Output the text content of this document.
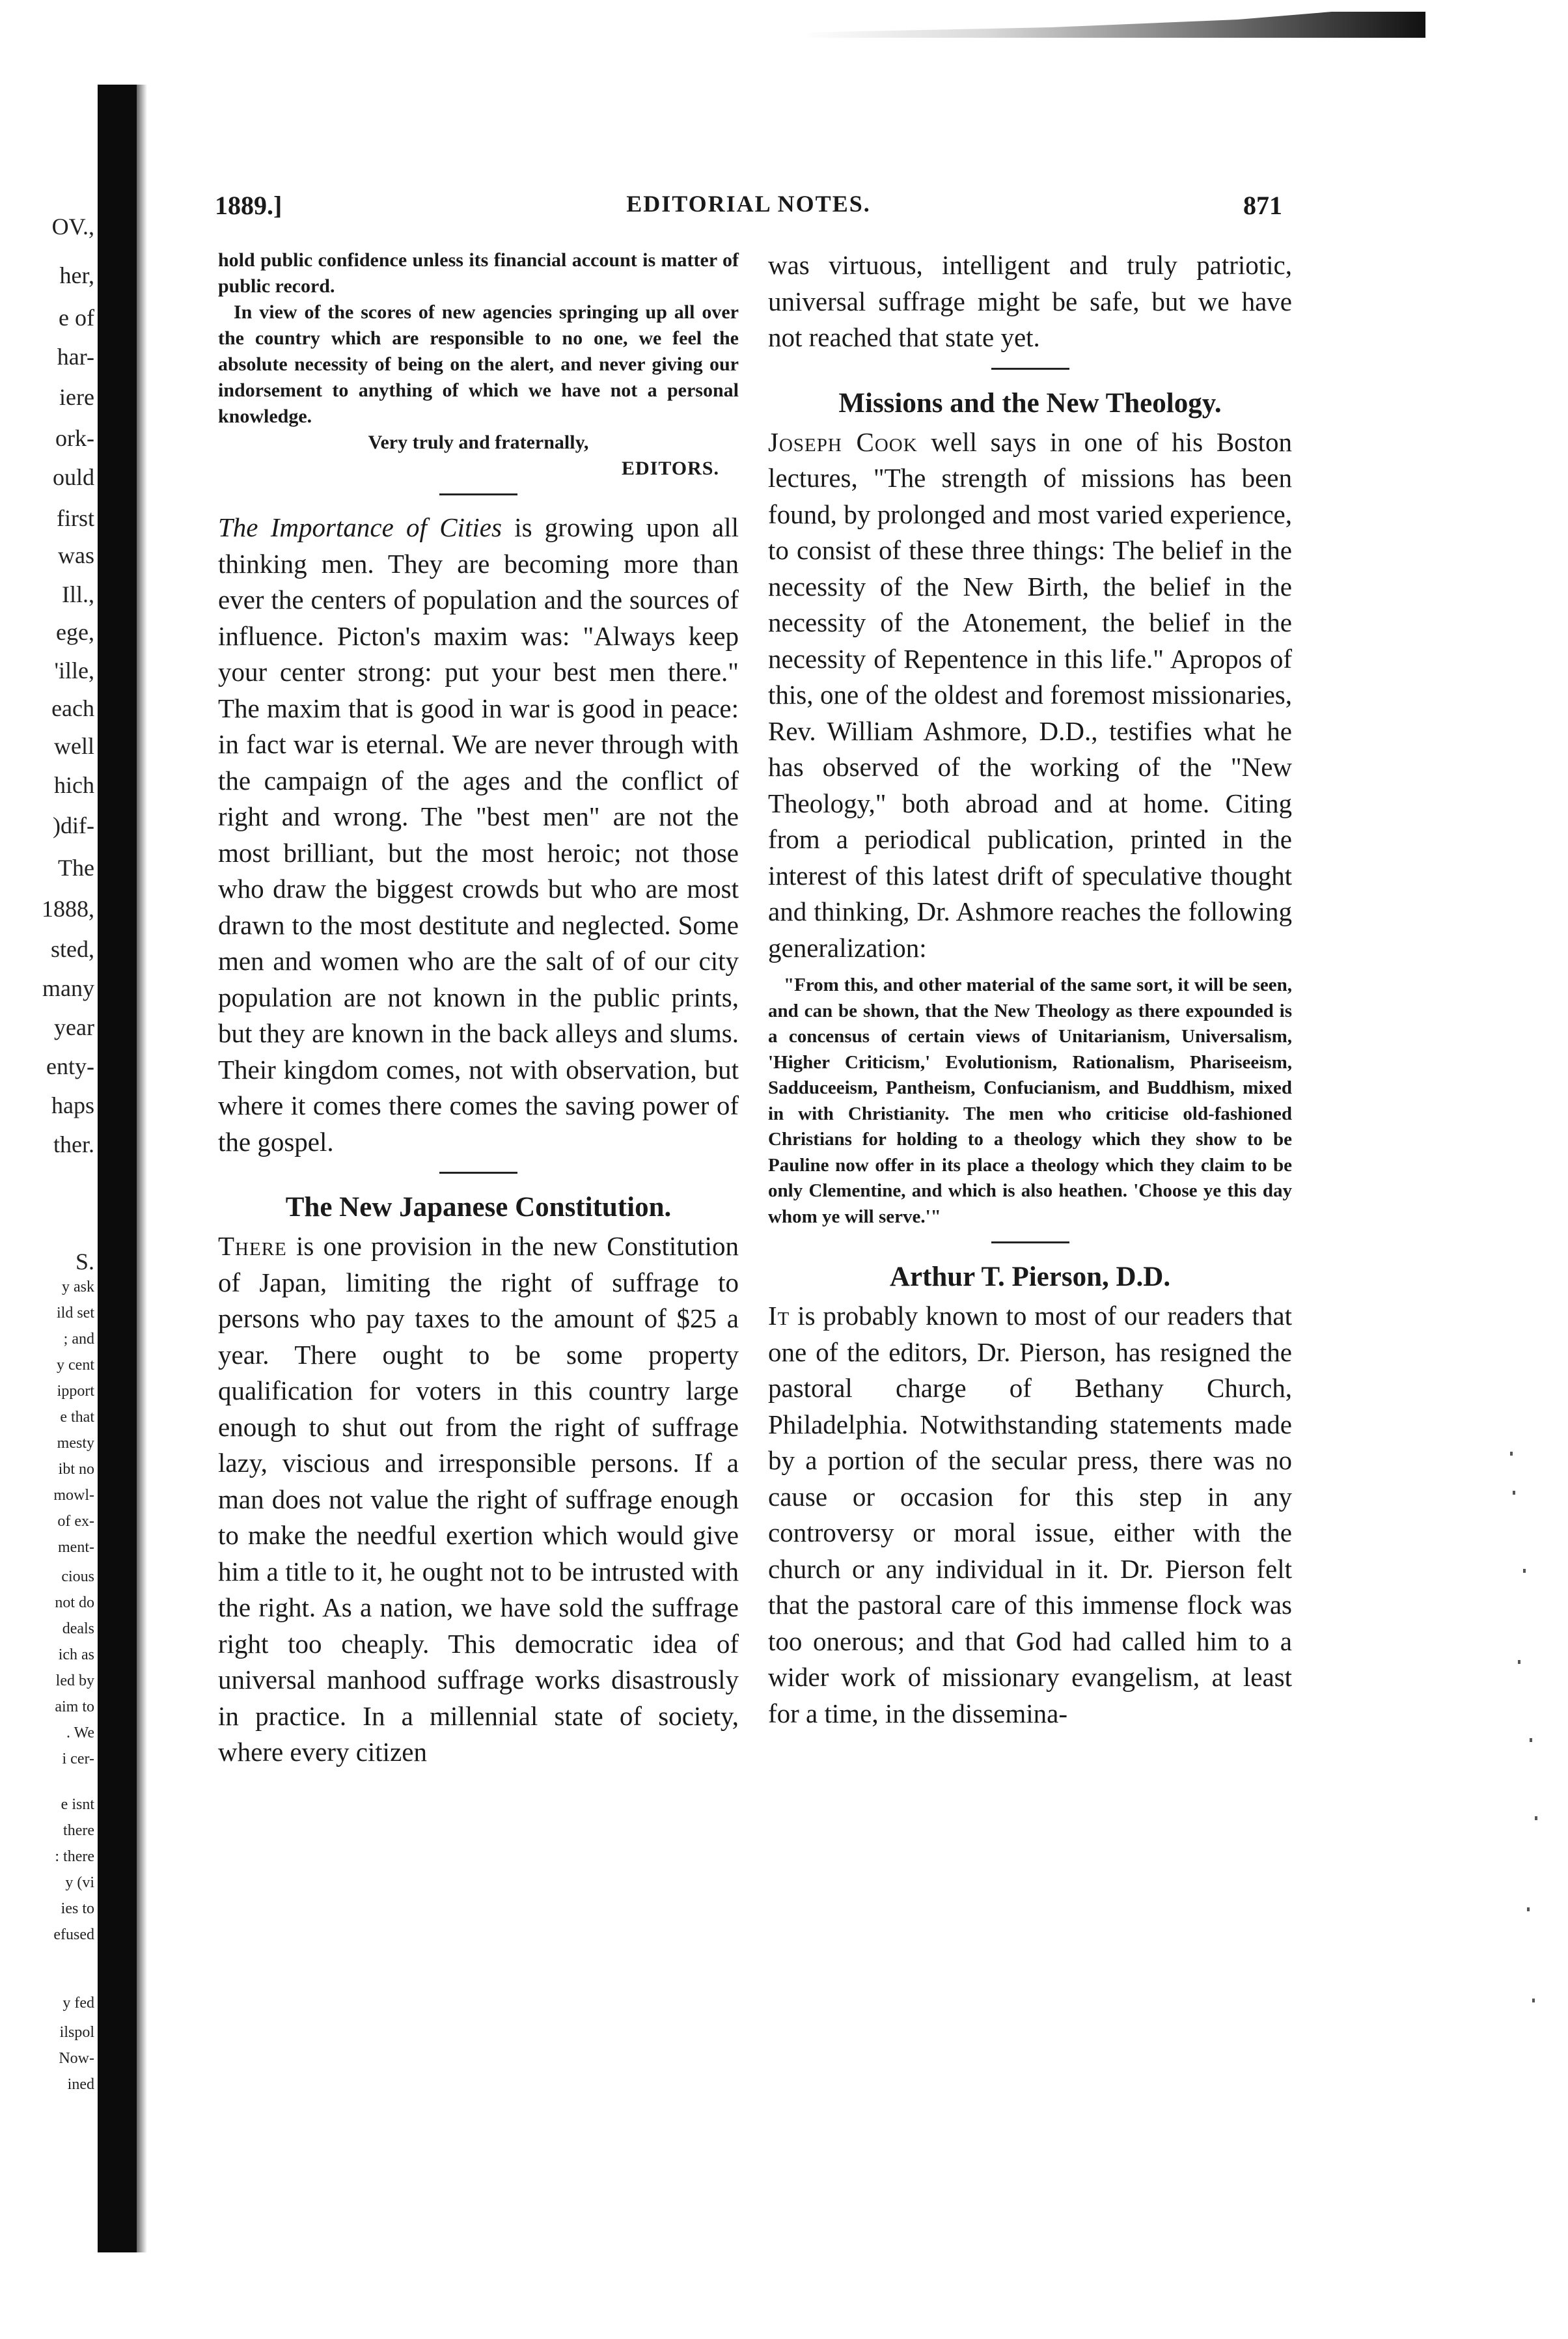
OV.,
her,
e of
har-
iere
ork-
ould
first
was
Ill.,
ege,
'ille,
each
well
hich
)dif-
The
1888,
sted,
many
year
enty-
haps
ther.
S.
y ask
ild set
; and
y cent
ipport
e that
mesty
ibt no
mowl-
of ex-
ment-
cious
not do
deals
ich as
led by
aim to
. We
i cer-
e isnt
there
: there
y (vi
ies to
efused
y fed
ilspol
Now-
ined
1889.]	EDITORIAL NOTES.	871

hold public confidence unless its financial account is matter of public record.

In view of the scores of new agencies springing up all over the country which are responsible to no one, we feel the absolute necessity of being on the alert, and never giving our indorsement to anything of which we have not a personal knowledge.

Very truly and fraternally,

EDITORS.

The Importance of Cities is growing upon all thinking men. They are becoming more than ever the centers of population and the sources of influence. Picton's maxim was: "Always keep your center strong: put your best men there." The maxim that is good in war is good in peace: in fact war is eternal. We are never through with the campaign of the ages and the conflict of right and wrong. The "best men" are not the most brilliant, but the most heroic; not those who draw the biggest crowds but who are most drawn to the most destitute and neglected. Some men and women who are the salt of of our city population are not known in the public prints, but they are known in the back alleys and slums. Their kingdom comes, not with observation, but where it comes there comes the saving power of the gospel.

The New Japanese Constitution.

There is one provision in the new Constitution of Japan, limiting the right of suffrage to persons who pay taxes to the amount of $25 a year. There ought to be some property qualification for voters in this country large enough to shut out from the right of suffrage lazy, viscious and irresponsible persons. If a man does not value the right of suffrage enough to make the needful exertion which would give him a title to it, he ought not to be intrusted with the right. As a nation, we have sold the suffrage right too cheaply. This democratic idea of universal manhood suffrage works disastrously in practice. In a millennial state of society, where every citizen

was virtuous, intelligent and truly patriotic, universal suffrage might be safe, but we have not reached that state yet.

Missions and the New Theology.

Joseph Cook well says in one of his Boston lectures, "The strength of missions has been found, by prolonged and most varied experience, to consist of these three things: The belief in the necessity of the New Birth, the belief in the necessity of the Atonement, the belief in the necessity of Repentence in this life." Apropos of this, one of the oldest and foremost missionaries, Rev. William Ashmore, D.D., testifies what he has observed of the working of the "New Theology," both abroad and at home. Citing from a periodical publication, printed in the interest of this latest drift of speculative thought and thinking, Dr. Ashmore reaches the following generalization:

"From this, and other material of the same sort, it will be seen, and can be shown, that the New Theology as there expounded is a concensus of certain views of Unitarianism, Universalism, 'Higher Criticism,' Evolutionism, Rationalism, Phariseeism, Sadduceeism, Pantheism, Confucianism, and Buddhism, mixed in with Christianity. The men who criticise old-fashioned Christians for holding to a theology which they show to be Pauline now offer in its place a theology which they claim to be only Clementine, and which is also heathen. 'Choose ye this day whom ye will serve.'"

Arthur T. Pierson, D.D.

It is probably known to most of our readers that one of the editors, Dr. Pierson, has resigned the pastoral charge of Bethany Church, Philadelphia. Notwithstanding statements made by a portion of the secular press, there was no cause or occasion for this step in any controversy or moral issue, either with the church or any individual in it. Dr. Pierson felt that the pastoral care of this immense flock was too onerous; and that God had called him to a wider work of missionary evangelism, at least for a time, in the dissemina-
